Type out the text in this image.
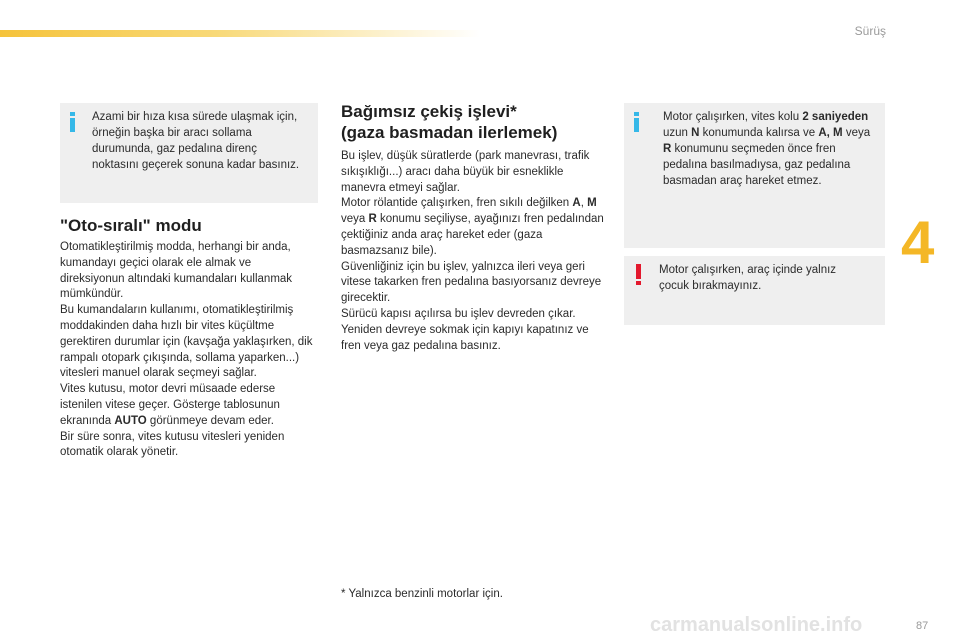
Sürüş
4
Azami bir hıza kısa sürede ulaşmak için, örneğin başka bir aracı sollama durumunda, gaz pedalına direnç noktasını geçerek sonuna kadar basınız.
"Oto-sıralı" modu

Otomatikleştirilmiş modda, herhangi bir anda, kumandayı geçici olarak ele almak ve direksiyonun altındaki kumandaları kullanmak mümkündür.

Bu kumandaların kullanımı, otomatikleştirilmiş moddakinden daha hızlı bir vites küçültme gerektiren durumlar için (kavşağa yaklaşırken, dik rampalı otopark çıkışında, sollama yaparken...) vitesleri manuel olarak seçmeyi sağlar.

Vites kutusu, motor devri müsaade ederse istenilen vitese geçer. Gösterge tablosunun ekranında AUTO görünmeye devam eder.

Bir süre sonra, vites kutusu vitesleri yeniden otomatik olarak yönetir.

Bağımsız çekiş işlevi*
(gaza basmadan ilerlemek)

Bu işlev, düşük süratlerde (park manevrası, trafik sıkışıklığı...) aracı daha büyük bir esneklikle manevra etmeyi sağlar.

Motor rölantide çalışırken, fren sıkılı değilken A, M veya R konumu seçiliyse, ayağınızı fren pedalından çektiğiniz anda araç hareket eder (gaza basmazsanız bile).

Güvenliğiniz için bu işlev, yalnızca ileri veya geri vitese takarken fren pedalına basıyorsanız devreye girecektir.

Sürücü kapısı açılırsa bu işlev devreden çıkar. Yeniden devreye sokmak için kapıyı kapatınız ve fren veya gaz pedalına basınız.

Motor çalışırken, vites kolu 2 saniyeden uzun N konumunda kalırsa ve A, M veya R konumunu seçmeden önce fren pedalına basılmadıysa, gaz pedalına basmadan araç hareket etmez.
Motor çalışırken, araç içinde yalnız çocuk bırakmayınız.
* Yalnızca benzinli motorlar için.
carmanualsonline.info	87
